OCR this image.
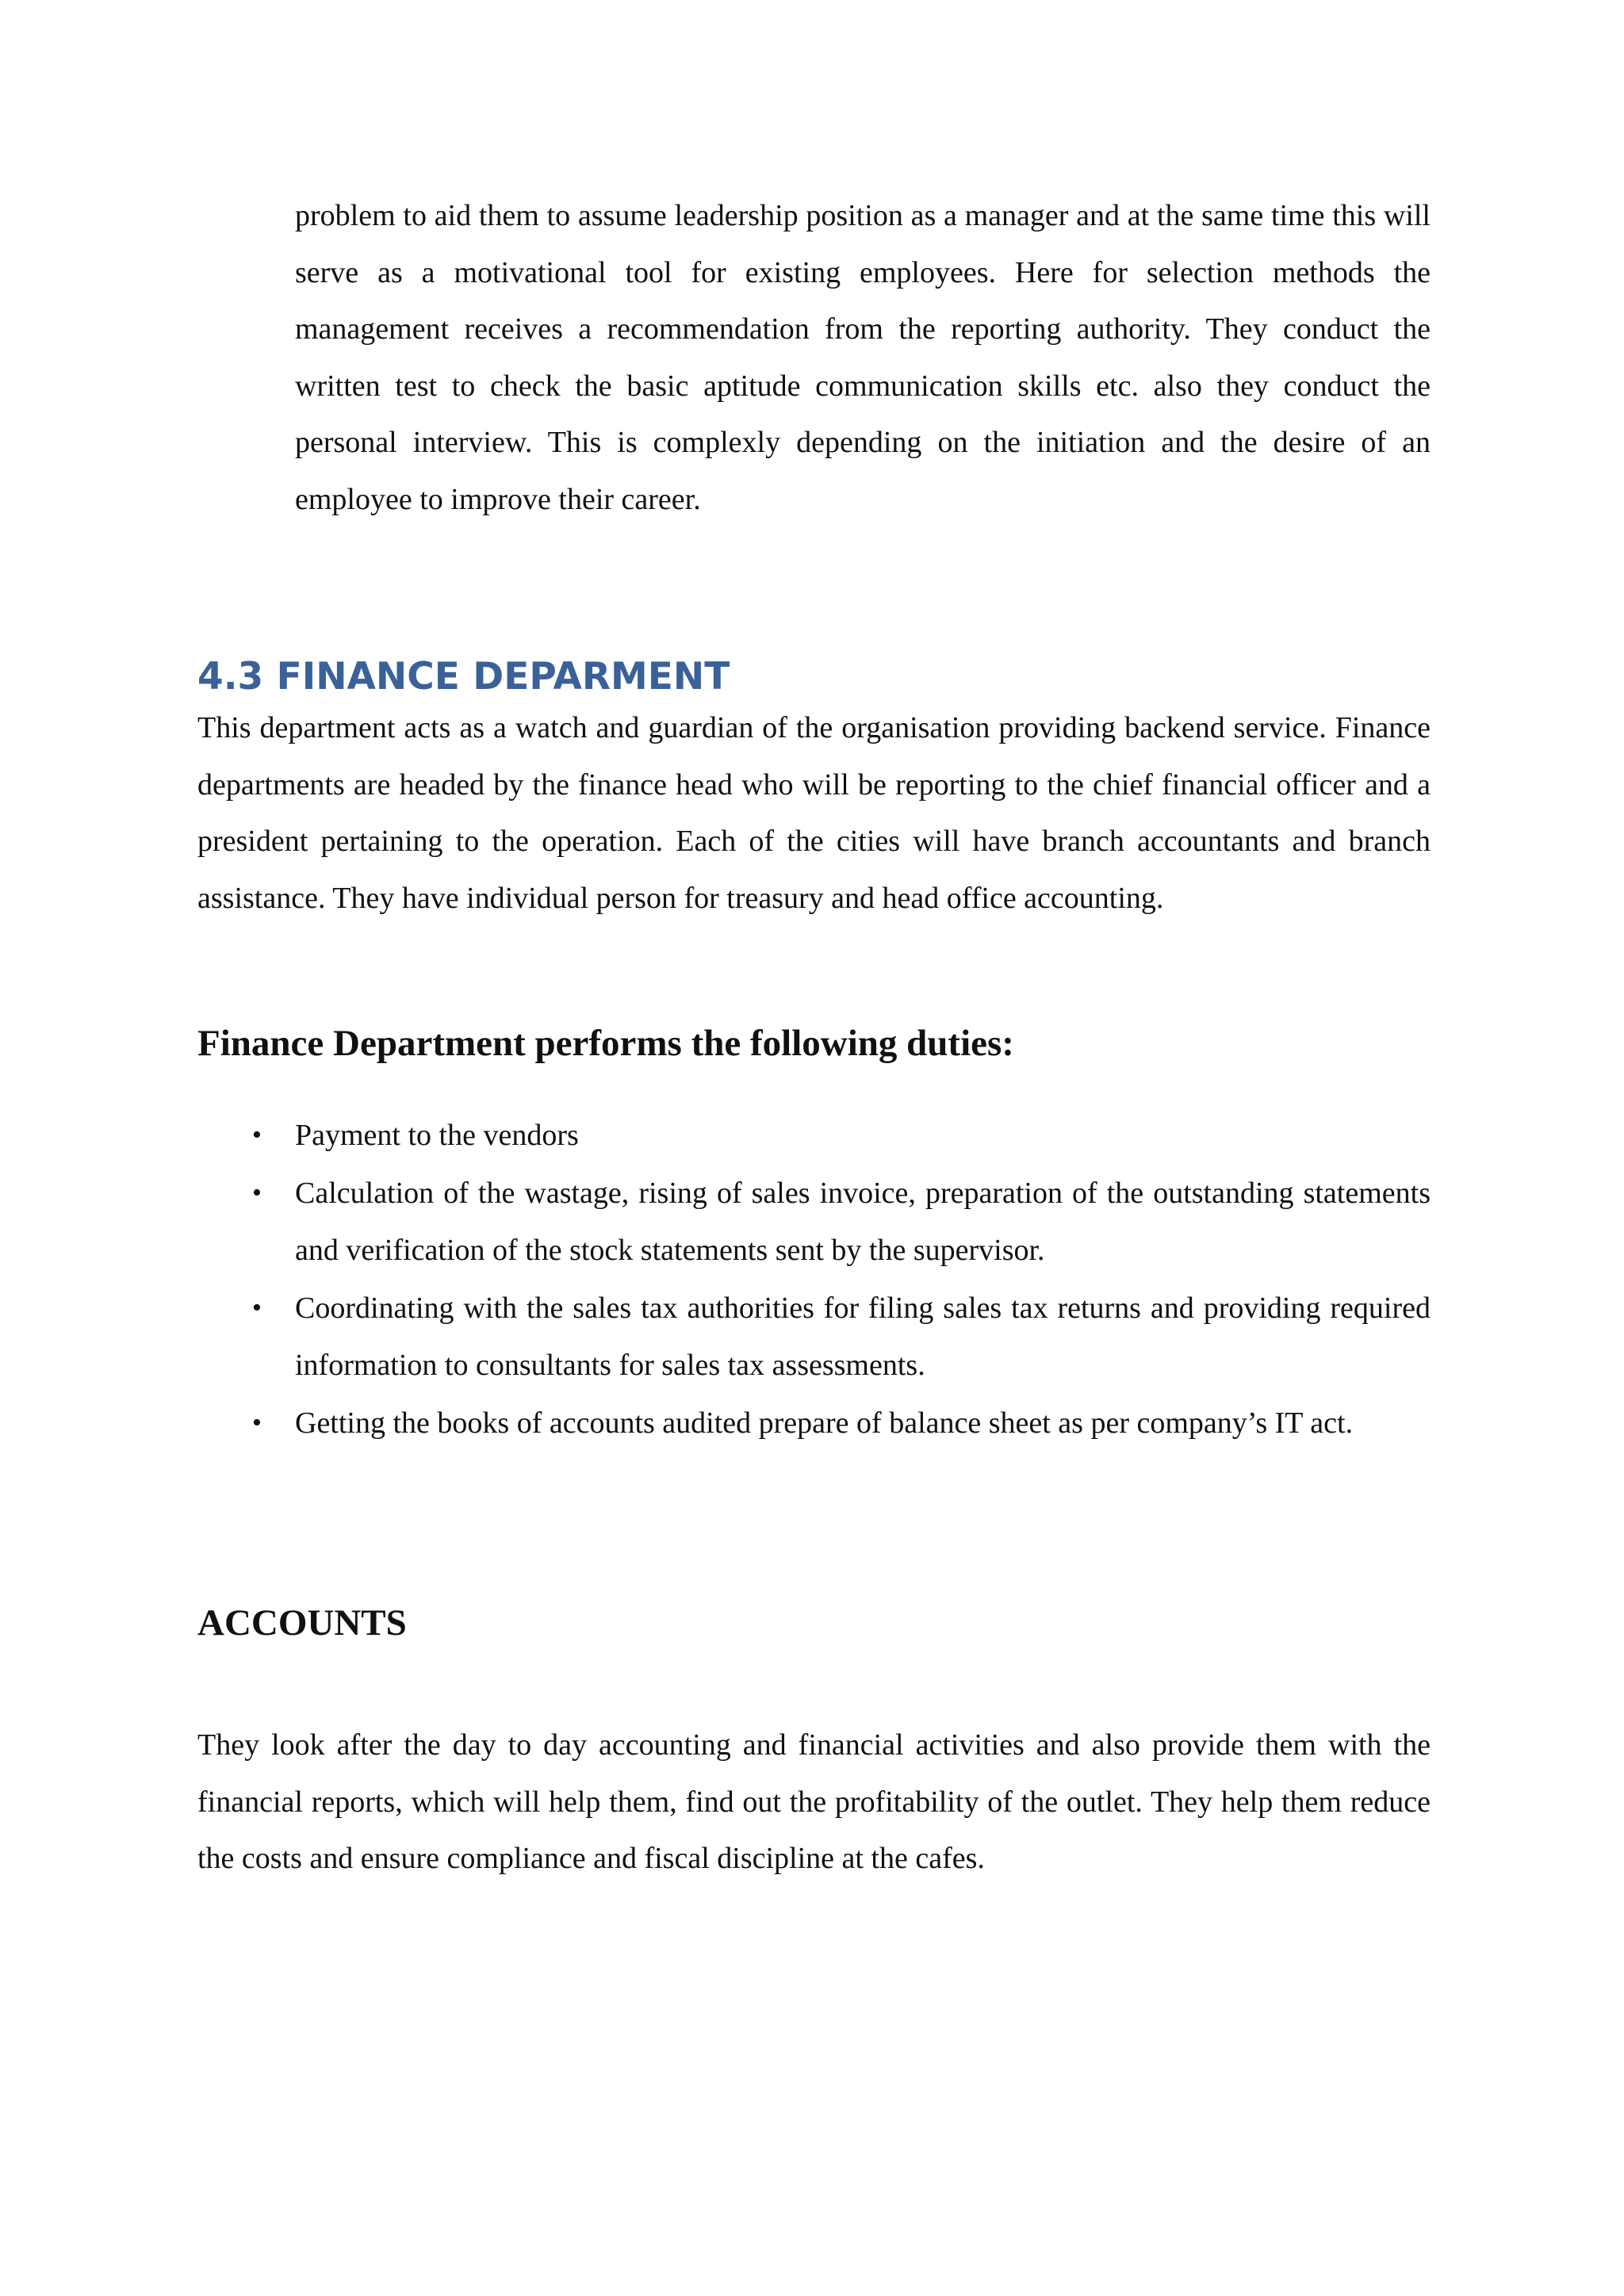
problem to aid them to assume leadership position as a manager and at the same time this will serve as a motivational tool for existing employees. Here for selection methods the management receives a recommendation from the reporting authority. They conduct the written test to check the basic aptitude communication skills etc. also they conduct the personal interview. This is complexly depending on the initiation and the desire of an employee to improve their career.

4.3 FINANCE DEPARMENT

This department acts as a watch and guardian of the organisation providing backend service. Finance departments are headed by the finance head who will be reporting to the chief financial officer and a president pertaining to the operation. Each of the cities will have branch accountants and branch assistance. They have individual person for treasury and head office accounting.

Finance Department performs the following duties:
• Payment to the vendors
• Calculation of the wastage, rising of sales invoice, preparation of the outstanding statements and verification of the stock statements sent by the supervisor.
• Coordinating with the sales tax authorities for filing sales tax returns and providing required information to consultants for sales tax assessments.
• Getting the books of accounts audited prepare of balance sheet as per company’s IT act.
ACCOUNTS

They look after the day to day accounting and financial activities and also provide them with the financial reports, which will help them, find out the profitability of the outlet. They help them reduce the costs and ensure compliance and fiscal discipline at the cafes.
